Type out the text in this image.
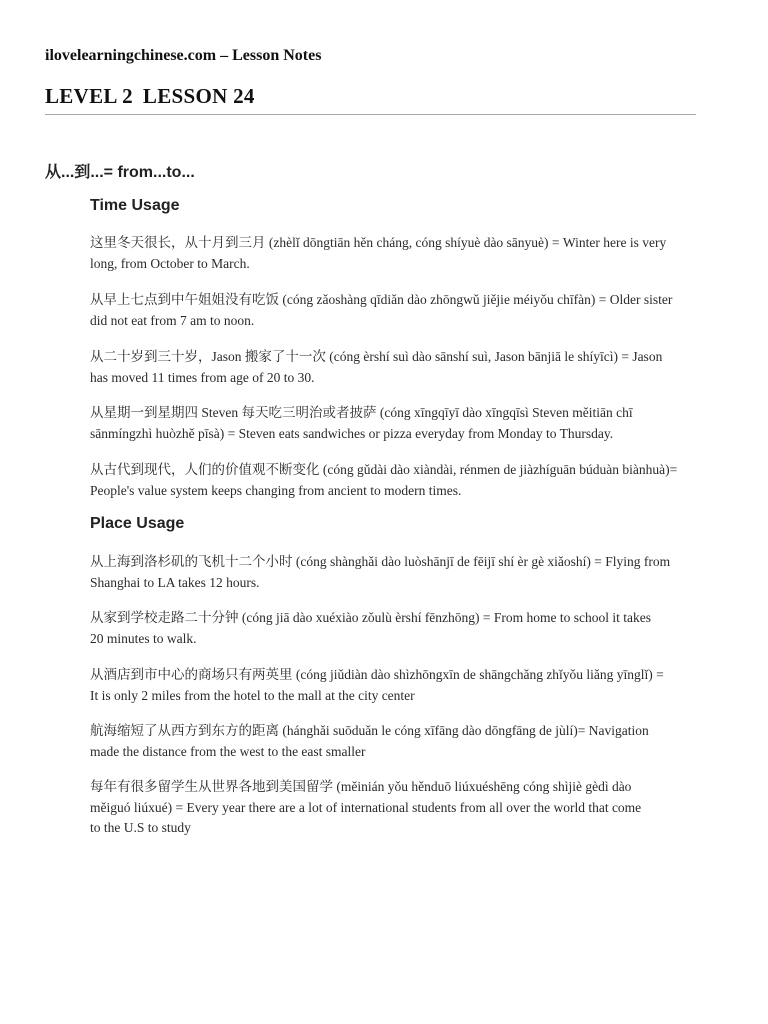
ilovelearningchinese.com – Lesson Notes
LEVEL 2 LESSON 24
从...到...= from...to...
Time Usage
这里冬天很长，从十月到三月 (zhèlǐ dōngtiān hěn cháng, cóng shíyuè dào sānyuè) = Winter here is very
long, from October to March.
从早上七点到中午姐姐没有吃饭 (cóng zǎoshàng qīdiǎn dào zhōngwǔ jiějie méiyǒu chīfàn) = Older sister
did not eat from 7 am to noon.
从二十岁到三十岁，Jason 搬家了十一次 (cóng èrshí suì dào sānshí suì, Jason bānjiā le shíyīcì) = Jason
has moved 11 times from age of 20 to 30.
从星期一到星期四 Steven 每天吃三明治或者披萨 (cóng xīngqīyī dào xīngqīsì Steven měitiān chī
sānmíngzhì huòzhě pīsà) = Steven eats sandwiches or pizza everyday from Monday to Thursday.
从古代到现代，人们的价值观不断变化 (cóng gǔdài dào xiàndài, rénmen de jiàzhíguān búduàn biànhuà)=
People's value system keeps changing from ancient to modern times.
Place Usage
从上海到洛杉矶的飞机十二个小时 (cóng shànghǎi dào luòshānjī de fēijī shí èr gè xiǎoshí) = Flying from
Shanghai to LA takes 12 hours.
从家到学校走路二十分钟 (cóng jiā dào xuéxiào zǒulù èrshí fēnzhōng) = From home to school it takes
20 minutes to walk.
从酒店到市中心的商场只有两英里 (cóng jiǔdiàn dào shìzhōngxīn de shāngchǎng zhǐyǒu liǎng yīnglǐ) =
It is only 2 miles from the hotel to the mall at the city center
航海缩短了从西方到东方的距离 (hánghǎi suōduǎn le cóng xīfāng dào dōngfāng de jùlí)= Navigation
made the distance from the west to the east smaller
每年有很多留学生从世界各地到美国留学 (měinián yǒu hěnduō liúxuéshēng cóng shìjiè gèdì dào
měiguó liúxué) = Every year there are a lot of international students from all over the world that come
to the U.S to study
